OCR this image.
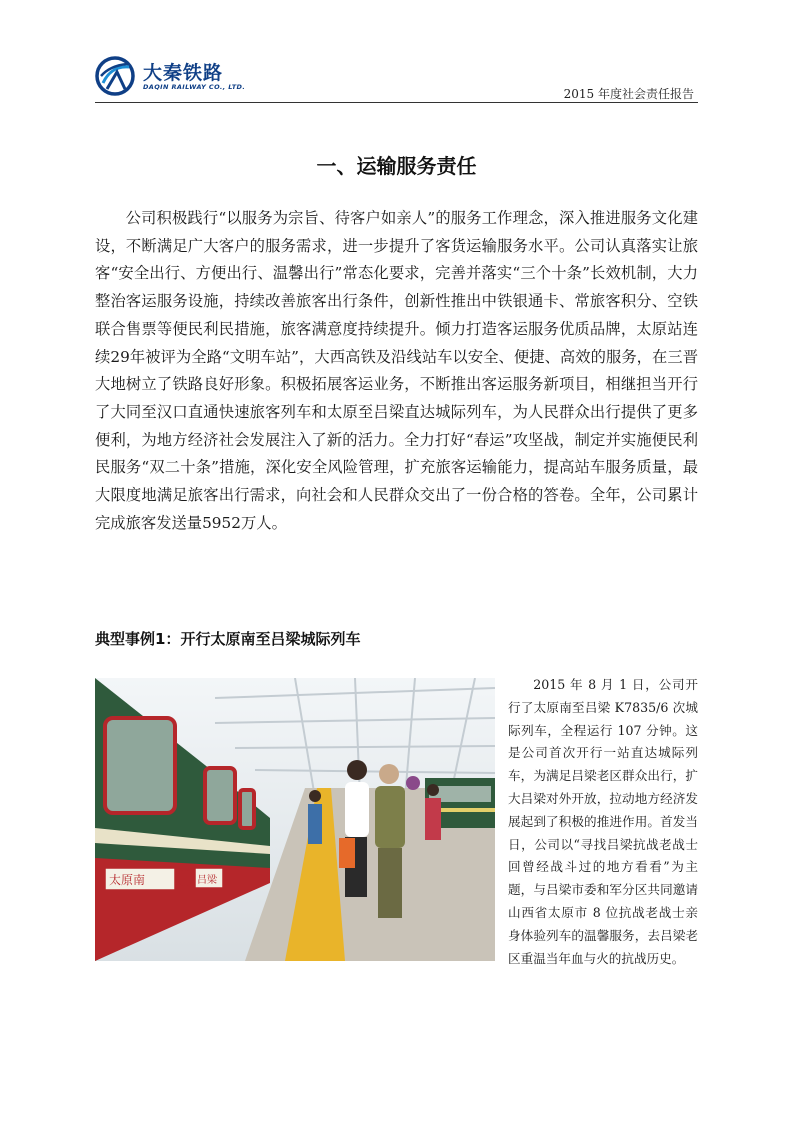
大秦铁路
DAQIN RAILWAY CO., LTD.	2015 年度社会责任报告
一、运输服务责任

公司积极践行“以服务为宗旨、待客户如亲人”的服务工作理念，深入推进服务文化建设，不断满足广大客户的服务需求，进一步提升了客货运输服务水平。公司认真落实让旅客“安全出行、方便出行、温馨出行”常态化要求，完善并落实“三个十条”长效机制，大力整治客运服务设施，持续改善旅客出行条件，创新性推出中铁银通卡、常旅客积分、空铁联合售票等便民利民措施，旅客满意度持续提升。倾力打造客运服务优质品牌，太原站连续29年被评为全路“文明车站”，大西高铁及沿线站车以安全、便捷、高效的服务，在三晋大地树立了铁路良好形象。积极拓展客运业务，不断推出客运服务新项目，相继担当开行了大同至汉口直通快速旅客列车和太原至吕梁直达城际列车，为人民群众出行提供了更多便利，为地方经济社会发展注入了新的活力。全力打好“春运”攻坚战，制定并实施便民利民服务“双二十条”措施，深化安全风险管理，扩充旅客运输能力，提高站车服务质量，最大限度地满足旅客出行需求，向社会和人民群众交出了一份合格的答卷。全年，公司累计完成旅客发送量5952万人。

典型事例1：开行太原南至吕梁城际列车
太原南	吕梁

2015 年 8 月 1 日，公司开行了太原南至吕梁 K7835/6 次城际列车，全程运行 107 分钟。这是公司首次开行一站直达城际列车，为满足吕梁老区群众出行，扩大吕梁对外开放，拉动地方经济发展起到了积极的推进作用。首发当日，公司以“寻找吕梁抗战老战士回曾经战斗过的地方看看”为主题，与吕梁市委和军分区共同邀请山西省太原市 8 位抗战老战士亲身体验列车的温馨服务，去吕梁老区重温当年血与火的抗战历史。
